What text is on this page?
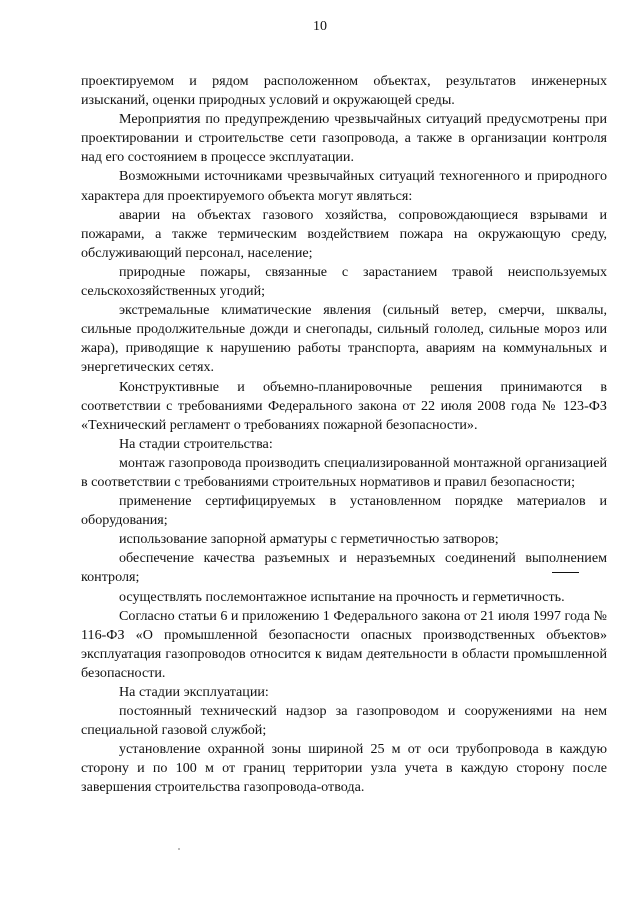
10

проектируемом и рядом расположенном объектах, результатов инженерных изысканий, оценки природных условий и окружающей среды.

Мероприятия по предупреждению чрезвычайных ситуаций предусмотрены при проектировании и строительстве сети газопровода, а также в организации контроля над его состоянием в процессе эксплуатации.

Возможными источниками чрезвычайных ситуаций техногенного и природного характера для проектируемого объекта могут являться:

аварии на объектах газового хозяйства, сопровождающиеся взрывами и пожарами, а также термическим воздействием пожара на окружающую среду, обслуживающий персонал, население;

природные пожары, связанные с зарастанием травой неиспользуемых сельскохозяйственных угодий;

экстремальные климатические явления (сильный ветер, смерчи, шквалы, сильные продолжительные дожди и снегопады, сильный гололед, сильные мороз или жара), приводящие к нарушению работы транспорта, авариям на коммунальных и энергетических сетях.

Конструктивные и объемно-планировочные решения принимаются в соответствии с требованиями Федерального закона от 22 июля 2008 года № 123-ФЗ «Технический регламент о требованиях пожарной безопасности».

На стадии строительства:

монтаж газопровода производить специализированной монтажной организацией в соответствии с требованиями строительных нормативов и правил безопасности;

применение сертифицируемых в установленном порядке материалов и оборудования;

использование запорной арматуры с герметичностью затворов;

обеспечение качества разъемных и неразъемных соединений выполнением контроля;

осуществлять послемонтажное испытание на прочность и герметичность.

Согласно статьи 6 и приложению 1 Федерального закона от 21 июля 1997 года № 116-ФЗ «О промышленной безопасности опасных производственных объектов» эксплуатация газопроводов относится к видам деятельности в области промышленной безопасности.

На стадии эксплуатации:

постоянный технический надзор за газопроводом и сооружениями на нем специальной газовой службой;

установление охранной зоны шириной 25 м от оси трубопровода в каждую сторону и по 100 м от границ территории узла учета в каждую сторону после завершения строительства газопровода-отвода.
